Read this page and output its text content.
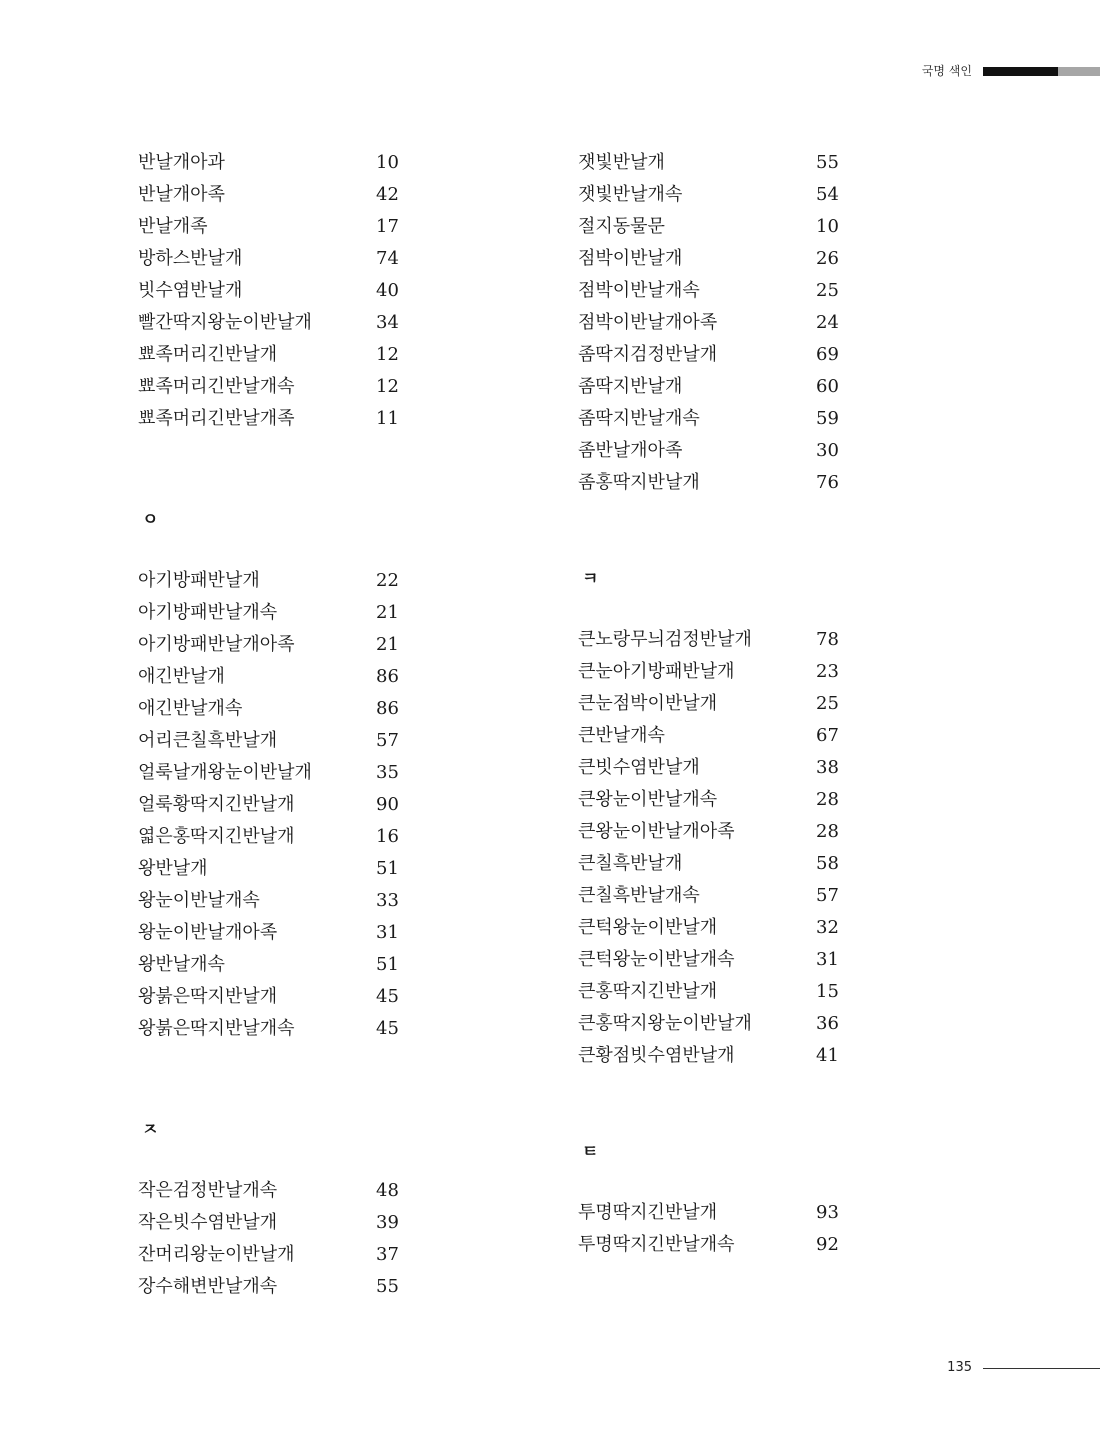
국명 색인
반날개아과	10
반날개아족	42
반날개족	17
방하스반날개	74
빗수염반날개	40
빨간딱지왕눈이반날개	34
뾰족머리긴반날개	12
뾰족머리긴반날개속	12
뾰족머리긴반날개족	11
ㅇ
아기방패반날개	22
아기방패반날개속	21
아기방패반날개아족	21
애긴반날개	86
애긴반날개속	86
어리큰칠흑반날개	57
얼룩날개왕눈이반날개	35
얼룩황딱지긴반날개	90
엷은홍딱지긴반날개	16
왕반날개	51
왕눈이반날개속	33
왕눈이반날개아족	31
왕반날개속	51
왕붉은딱지반날개	45
왕붉은딱지반날개속	45
ㅈ
작은검정반날개속	48
작은빗수염반날개	39
잔머리왕눈이반날개	37
장수해변반날개속	55
잿빛반날개	55
잿빛반날개속	54
절지동물문	10
점박이반날개	26
점박이반날개속	25
점박이반날개아족	24
좀딱지검정반날개	69
좀딱지반날개	60
좀딱지반날개속	59
좀반날개아족	30
좀홍딱지반날개	76
ㅋ
큰노랑무늬검정반날개	78
큰눈아기방패반날개	23
큰눈점박이반날개	25
큰반날개속	67
큰빗수염반날개	38
큰왕눈이반날개속	28
큰왕눈이반날개아족	28
큰칠흑반날개	58
큰칠흑반날개속	57
큰턱왕눈이반날개	32
큰턱왕눈이반날개속	31
큰홍딱지긴반날개	15
큰홍딱지왕눈이반날개	36
큰황점빗수염반날개	41
ㅌ
투명딱지긴반날개	93
투명딱지긴반날개속	92
135
